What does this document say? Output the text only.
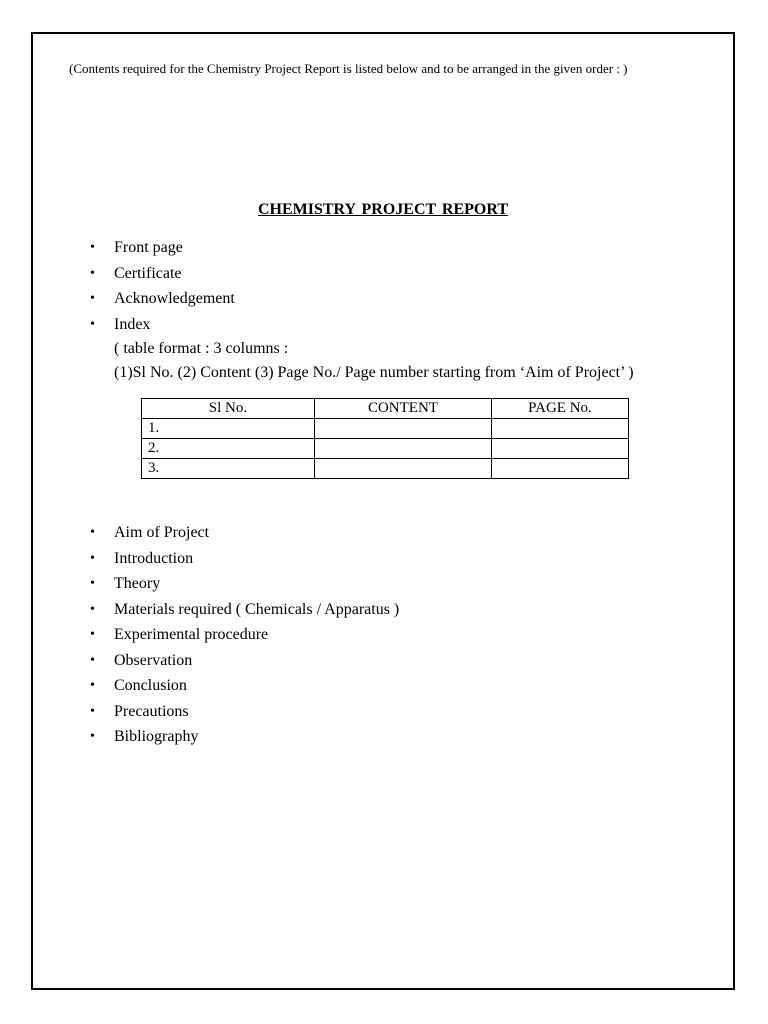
(Contents required for the Chemistry Project Report is listed below and to be arranged in the given order : )
CHEMISTRY PROJECT REPORT
• Front page
• Certificate
• Acknowledgement
• Index
( table format : 3 columns :
(1)Sl No. (2) Content (3) Page No./ Page number starting from ‘Aim of Project’ )
Sl No.	CONTENT	PAGE No.
1.		
2.		
3.		
• Aim of Project
• Introduction
• Theory
• Materials required ( Chemicals / Apparatus )
• Experimental procedure
• Observation
• Conclusion
• Precautions
• Bibliography
